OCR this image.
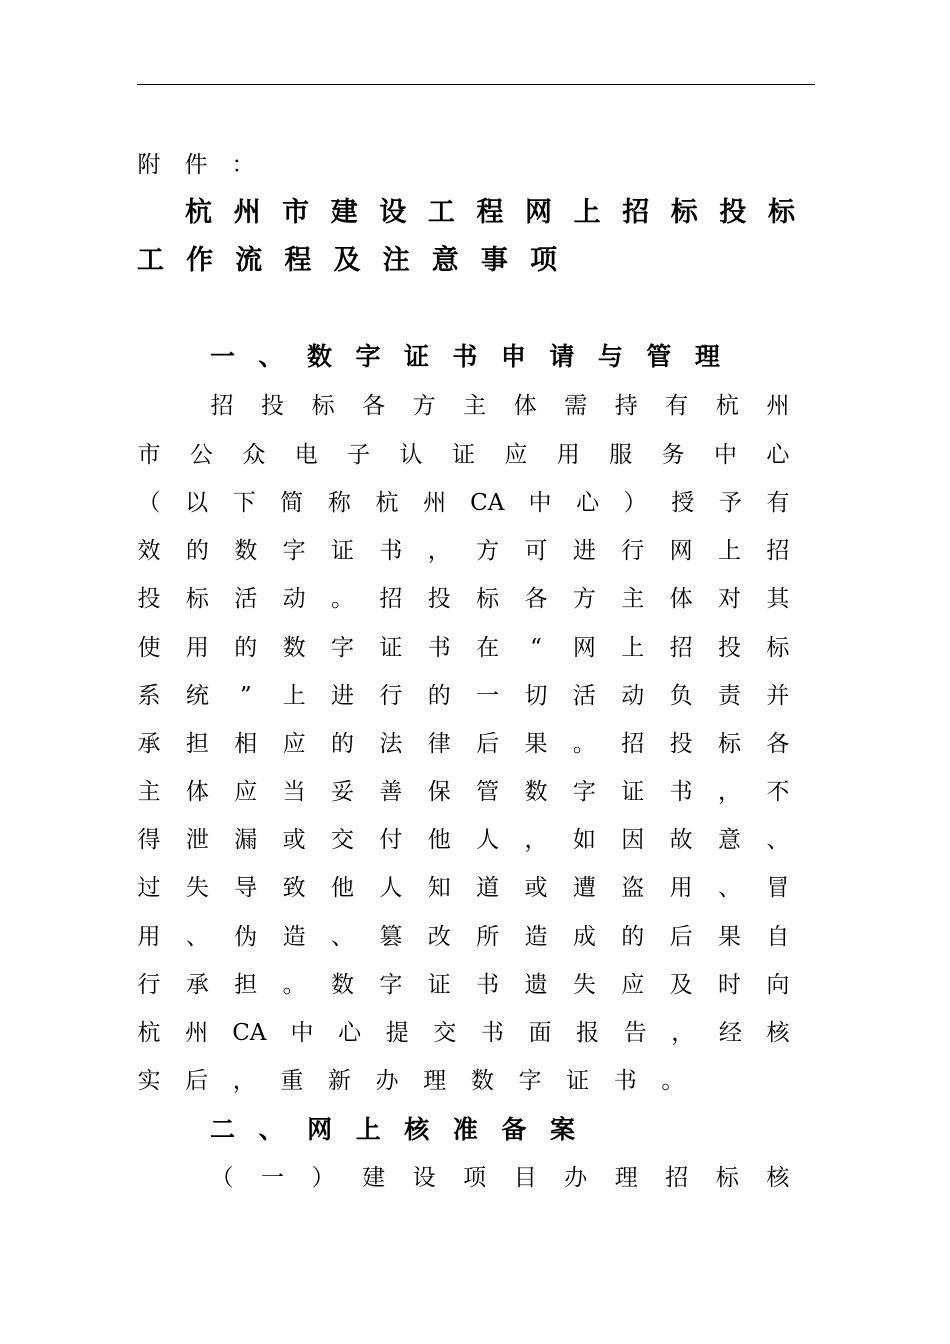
附 件 ：
杭 州 市 建 设 工 程 网 上 招 标 投 标
工 作 流 程 及 注 意 事 项
一 、 数 字 证 书 申 请 与 管 理
招 投 标 各 方 主 体 需 持 有 杭 州
市 公 众 电 子 认 证 应 用 服 务 中 心
（ 以 下 简 称 杭 州 CA 中 心 ） 授 予 有
效 的 数 字 证 书 ， 方 可 进 行 网 上 招
投 标 活 动 。 招 投 标 各 方 主 体 对 其
使 用 的 数 字 证 书 在 “ 网 上 招 投 标
系 统 ” 上 进 行 的 一 切 活 动 负 责 并
承 担 相 应 的 法 律 后 果 。 招 投 标 各
主 体 应 当 妥 善 保 管 数 字 证 书 ， 不
得 泄 漏 或 交 付 他 人 ， 如 因 故 意 、
过 失 导 致 他 人 知 道 或 遭 盗 用 、 冒
用 、 伪 造 、 篡 改 所 造 成 的 后 果 自
行 承 担 。 数 字 证 书 遗 失 应 及 时 向
杭 州 CA 中 心 提 交 书 面 报 告 ， 经 核
实 后 ， 重 新 办 理 数 字 证 书 。
二 、 网 上 核 准 备 案
（ 一 ） 建 设 项 目 办 理 招 标 核
